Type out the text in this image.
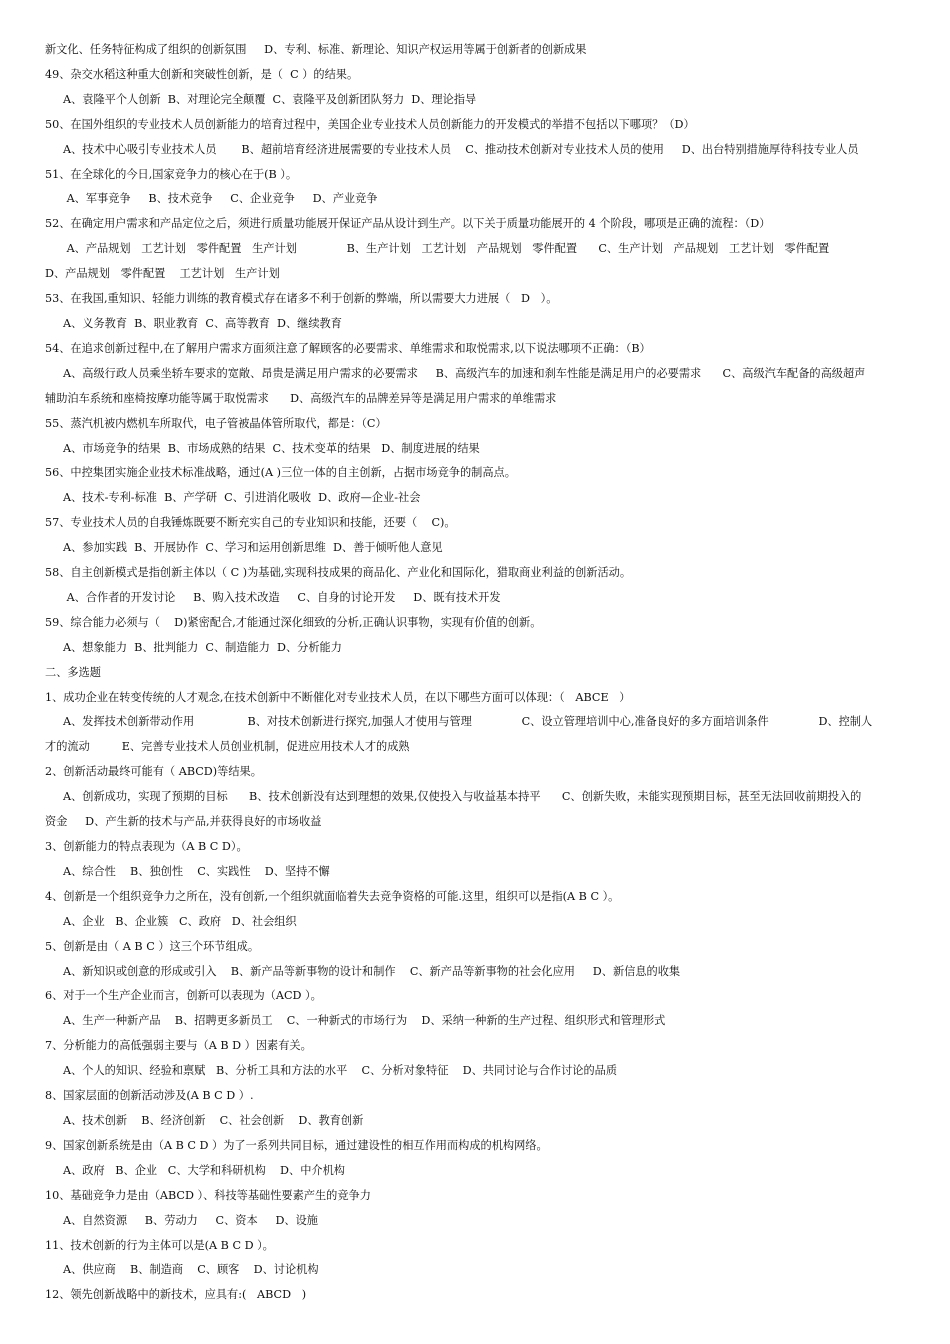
新文化、任务特征构成了组织的创新氛围     D、专利、标准、新理论、知识产权运用等属于创新者的创新成果
49、杂交水稻这种重大创新和突破性创新，是（  C ）的结果。
A、袁隆平个人创新  B、对理论完全颠覆  C、袁隆平及创新团队努力  D、理论指导
50、在国外组织的专业技术人员创新能力的培育过程中，美国企业专业技术人员创新能力的开发模式的举措不包括以下哪项？（D）
A、技术中心吸引专业技术人员       B、超前培育经济进展需要的专业技术人员    C、推动技术创新对专业技术人员的使用     D、出台特别措施厚待科技专业人员
51、在全球化的今日,国家竞争力的核心在于(B ）。
A、军事竞争     B、技术竞争     C、企业竞争     D、产业竞争
52、在确定用户需求和产品定位之后，须进行质量功能展开保证产品从设计到生产。以下关于质量功能展开的 4 个阶段，哪项是正确的流程：（D）
A、产品规划   工艺计划   零件配置   生产计划              B、生产计划   工艺计划   产品规划   零件配置      C、生产计划   产品规划   工艺计划   零件配置
D、产品规划   零件配置    工艺计划   生产计划
53、在我国,重知识、轻能力训练的教育模式存在诸多不利于创新的弊端，所以需要大力进展（   D   ）。
A、义务教育  B、职业教育  C、高等教育  D、继续教育
54、在追求创新过程中,在了解用户需求方面须注意了解顾客的必要需求、单维需求和取悦需求,以下说法哪项不正确：（B）
A、高级行政人员乘坐轿车要求的宽敞、昂贵是满足用户需求的必要需求     B、高级汽车的加速和刹车性能是满足用户的必要需求      C、高级汽车配备的高级超声
辅助泊车系统和座椅按摩功能等属于取悦需求      D、高级汽车的品牌差异等是满足用户需求的单维需求
55、蒸汽机被内燃机车所取代，电子管被晶体管所取代，都是：（C）
A、市场竞争的结果  B、市场成熟的结果  C、技术变革的结果   D、制度进展的结果
56、中控集团实施企业技术标准战略，通过(A )三位一体的自主创新，占据市场竞争的制高点。
A、技术-专利-标准  B、产学研  C、引进消化吸收  D、政府—企业-社会
57、专业技术人员的自我锤炼既要不断充实自己的专业知识和技能，还要（    C)。
A、参加实践  B、开展协作  C、学习和运用创新思维  D、善于倾听他人意见
58、自主创新模式是指创新主体以（ C )为基础,实现科技成果的商品化、产业化和国际化，猎取商业利益的创新活动。
A、合作者的开发讨论     B、购入技术改造     C、自身的讨论开发     D、既有技术开发
59、综合能力必须与（    D)紧密配合,才能通过深化细致的分析,正确认识事物，实现有价值的创新。
A、想象能力  B、批判能力  C、制造能力  D、分析能力
二、多选题
1、成功企业在转变传统的人才观念,在技术创新中不断催化对专业技术人员，在以下哪些方面可以体现：（   ABCE   ）
A、发挥技术创新带动作用               B、对技术创新进行探究,加强人才使用与管理              C、设立管理培训中心,准备良好的多方面培训条件              D、控制人
才的流动         E、完善专业技术人员创业机制，促进应用技术人才的成熟
2、创新活动最终可能有（ ABCD)等结果。
A、创新成功，实现了预期的目标      B、技术创新没有达到理想的效果,仅使投入与收益基本持平      C、创新失败，未能实现预期目标，甚至无法回收前期投入的
资金     D、产生新的技术与产品,并获得良好的市场收益
3、创新能力的特点表现为（A B C D）。
A、综合性    B、独创性    C、实践性    D、坚持不懈
4、创新是一个组织竞争力之所在，没有创新,一个组织就面临着失去竞争资格的可能.这里，组织可以是指(A B C ）。
A、企业   B、企业簇   C、政府   D、社会组织
5、创新是由（ A B C ）这三个环节组成。
A、新知识或创意的形成或引入    B、新产品等新事物的设计和制作    C、新产品等新事物的社会化应用     D、新信息的收集
6、对于一个生产企业而言，创新可以表现为（ACD ）。
A、生产一种新产品    B、招聘更多新员工    C、一种新式的市场行为    D、采纳一种新的生产过程、组织形式和管理形式
7、分析能力的高低强弱主要与（A B D ）因素有关。
A、个人的知识、经验和禀赋   B、分析工具和方法的水平    C、分析对象特征    D、共同讨论与合作讨论的品质
8、国家层面的创新活动涉及(A B C D ）.
A、技术创新    B、经济创新    C、社会创新    D、教育创新
9、国家创新系统是由（A B C D ）为了一系列共同目标，通过建设性的相互作用而构成的机构网络。
A、政府   B、企业   C、大学和科研机构    D、中介机构
10、基础竞争力是由（ABCD ）、科技等基础性要素产生的竞争力
A、自然资源     B、劳动力     C、资本     D、设施
11、技术创新的行为主体可以是(A B C D ）。
A、供应商    B、制造商    C、顾客    D、讨论机构
12、领先创新战略中的新技术，应具有:(   ABCD   )
